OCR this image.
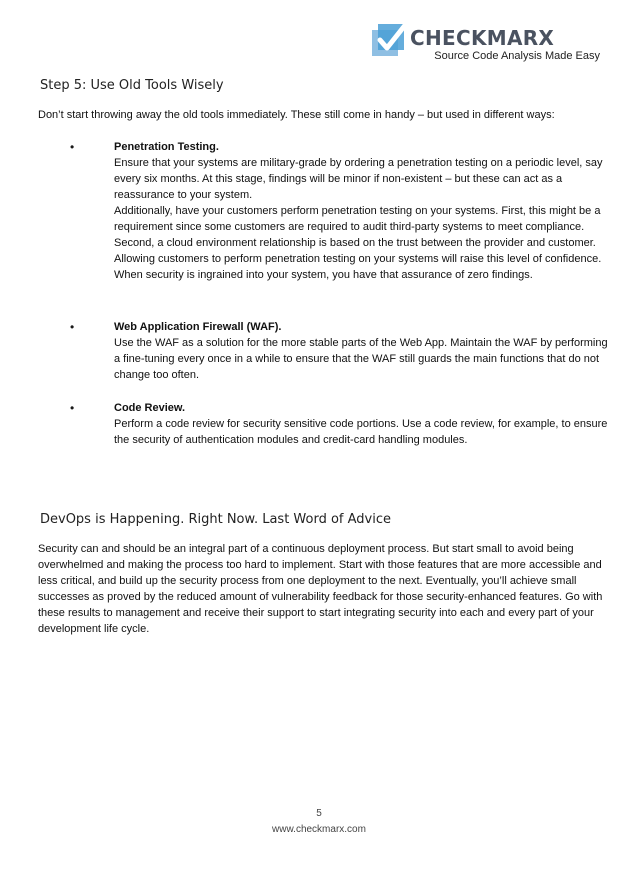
CHECKMARX
Source Code Analysis Made Easy
Step 5: Use Old Tools Wisely

Don’t start throwing away the old tools immediately. These still come in handy – but used in different ways:

•	Penetration Testing.
Ensure that your systems are military-grade by ordering a penetration testing on a periodic level, say every six months. At this stage, findings will be minor if non-existent – but these can act as a reassurance to your system.
Additionally, have your customers perform penetration testing on your systems. First, this might be a requirement since some customers are required to audit third-party systems to meet compliance. Second, a cloud environment relationship is based on the trust between the provider and customer. Allowing customers to perform penetration testing on your systems will raise this level of confidence. When security is ingrained into your system, you have that assurance of zero findings.
•	Web Application Firewall (WAF).
Use the WAF as a solution for the more stable parts of the Web App. Maintain the WAF by performing a fine-tuning every once in a while to ensure that the WAF still guards the main functions that do not change too often.
•	Code Review.
Perform a code review for security sensitive code portions. Use a code review, for example, to ensure the security of authentication modules and credit-card handling modules.
DevOps is Happening. Right Now. Last Word of Advice

Security can and should be an integral part of a continuous deployment process. But start small to avoid being overwhelmed and making the process too hard to implement. Start with those features that are more accessible and less critical, and build up the security process from one deployment to the next. Eventually, you’ll achieve small successes as proved by the reduced amount of vulnerability feedback for those security-enhanced features. Go with these results to management and receive their support to start integrating security into each and every part of your development life cycle.

5
www.checkmarx.com
